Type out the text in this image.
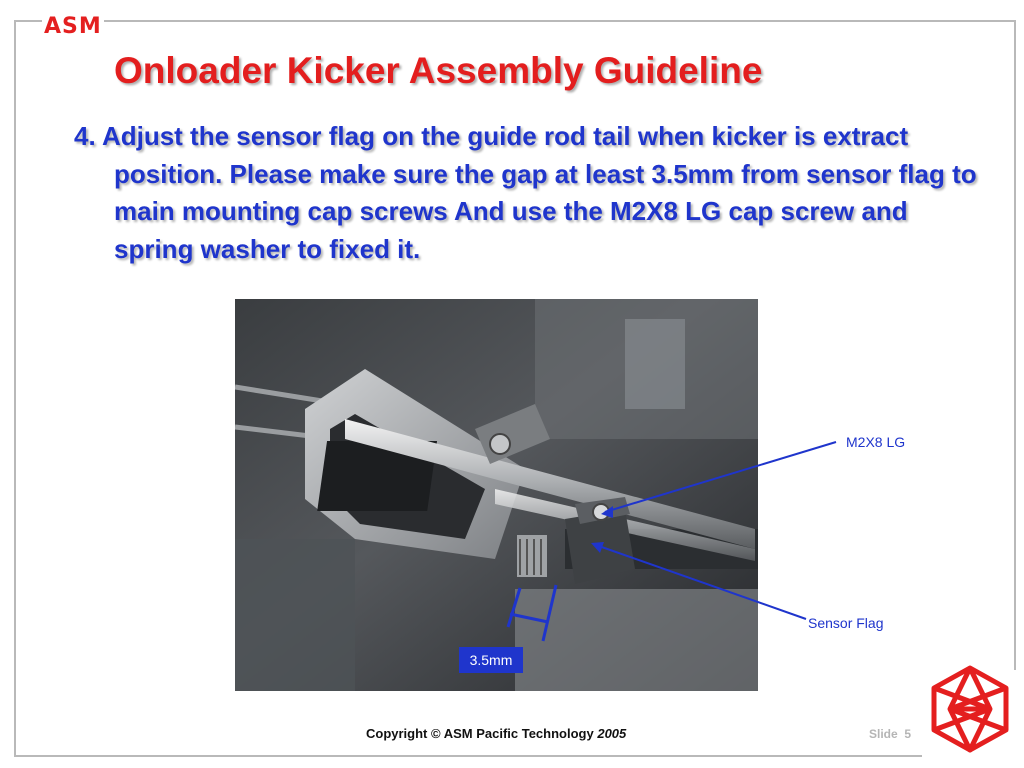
ASM
Onloader Kicker Assembly Guideline
4. Adjust the sensor flag on the guide rod tail when kicker is extract position. Please make sure the gap at least 3.5mm from sensor flag to main mounting cap screws And use the M2X8 LG cap screw and spring washer to fixed it.
M2X8 LG
Sensor Flag
3.5mm
Copyright © ASM Pacific Technology 2005	Slide 5
